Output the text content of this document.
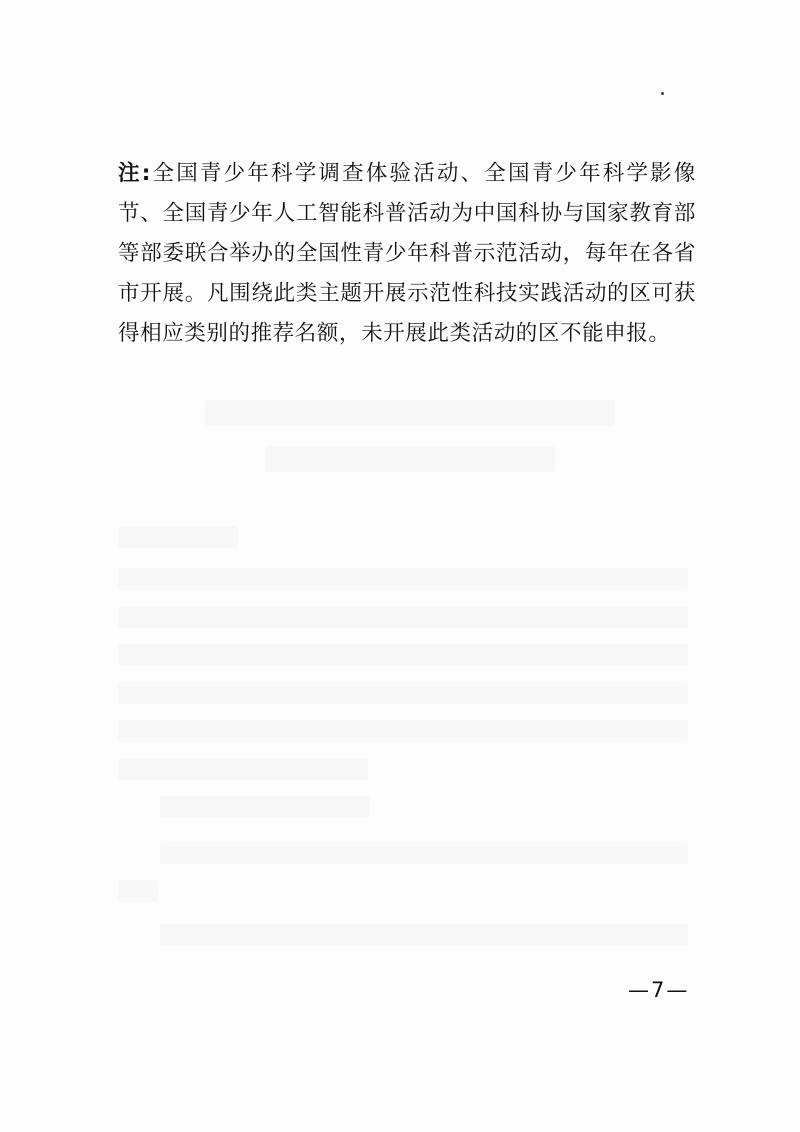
注:全国青少年科学调查体验活动、全国青少年科学影像节、全国青少年人工智能科普活动为中国科协与国家教育部等部委联合举办的全国性青少年科普示范活动，每年在各省市开展。凡围绕此类主题开展示范性科技实践活动的区可获得相应类别的推荐名额，未开展此类活动的区不能申报。
—7—
